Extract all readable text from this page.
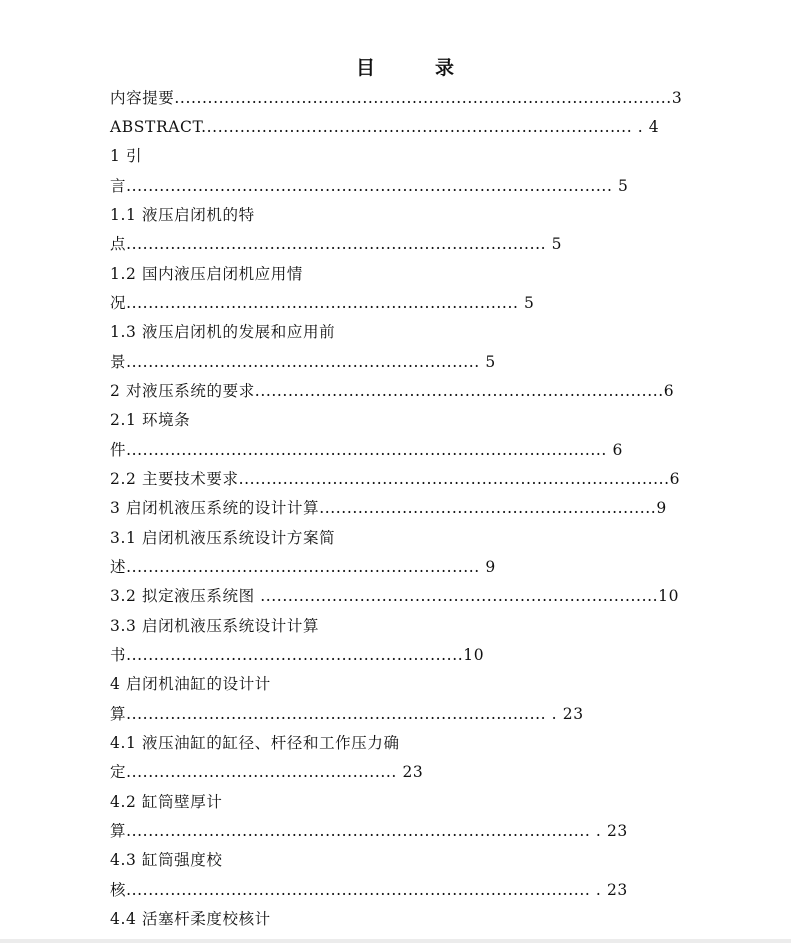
目	录
内容提要..........................................................................................3
ABSTRACT.............................................................................. . 4
1 引
言........................................................................................ 5
1.1 液压启闭机的特
点............................................................................ 5
1.2 国内液压启闭机应用情
况....................................................................... 5
1.3 液压启闭机的发展和应用前
景................................................................ 5
2 对液压系统的要求..........................................................................6
2.1 环境条
件....................................................................................... 6
2.2 主要技术要求..............................................................................6
3 启闭机液压系统的设计计算.............................................................9
3.1 启闭机液压系统设计方案简
述................................................................ 9
3.2 拟定液压系统图 ........................................................................10
3.3 启闭机液压系统设计计算
书.............................................................10
4 启闭机油缸的设计计
算............................................................................ . 23
4.1 液压油缸的缸径、杆径和工作压力确
定................................................. 23
4.2 缸筒壁厚计
算.................................................................................... . 23
4.3 缸筒强度校
核.................................................................................... . 23
4.4 活塞杆柔度校核计
